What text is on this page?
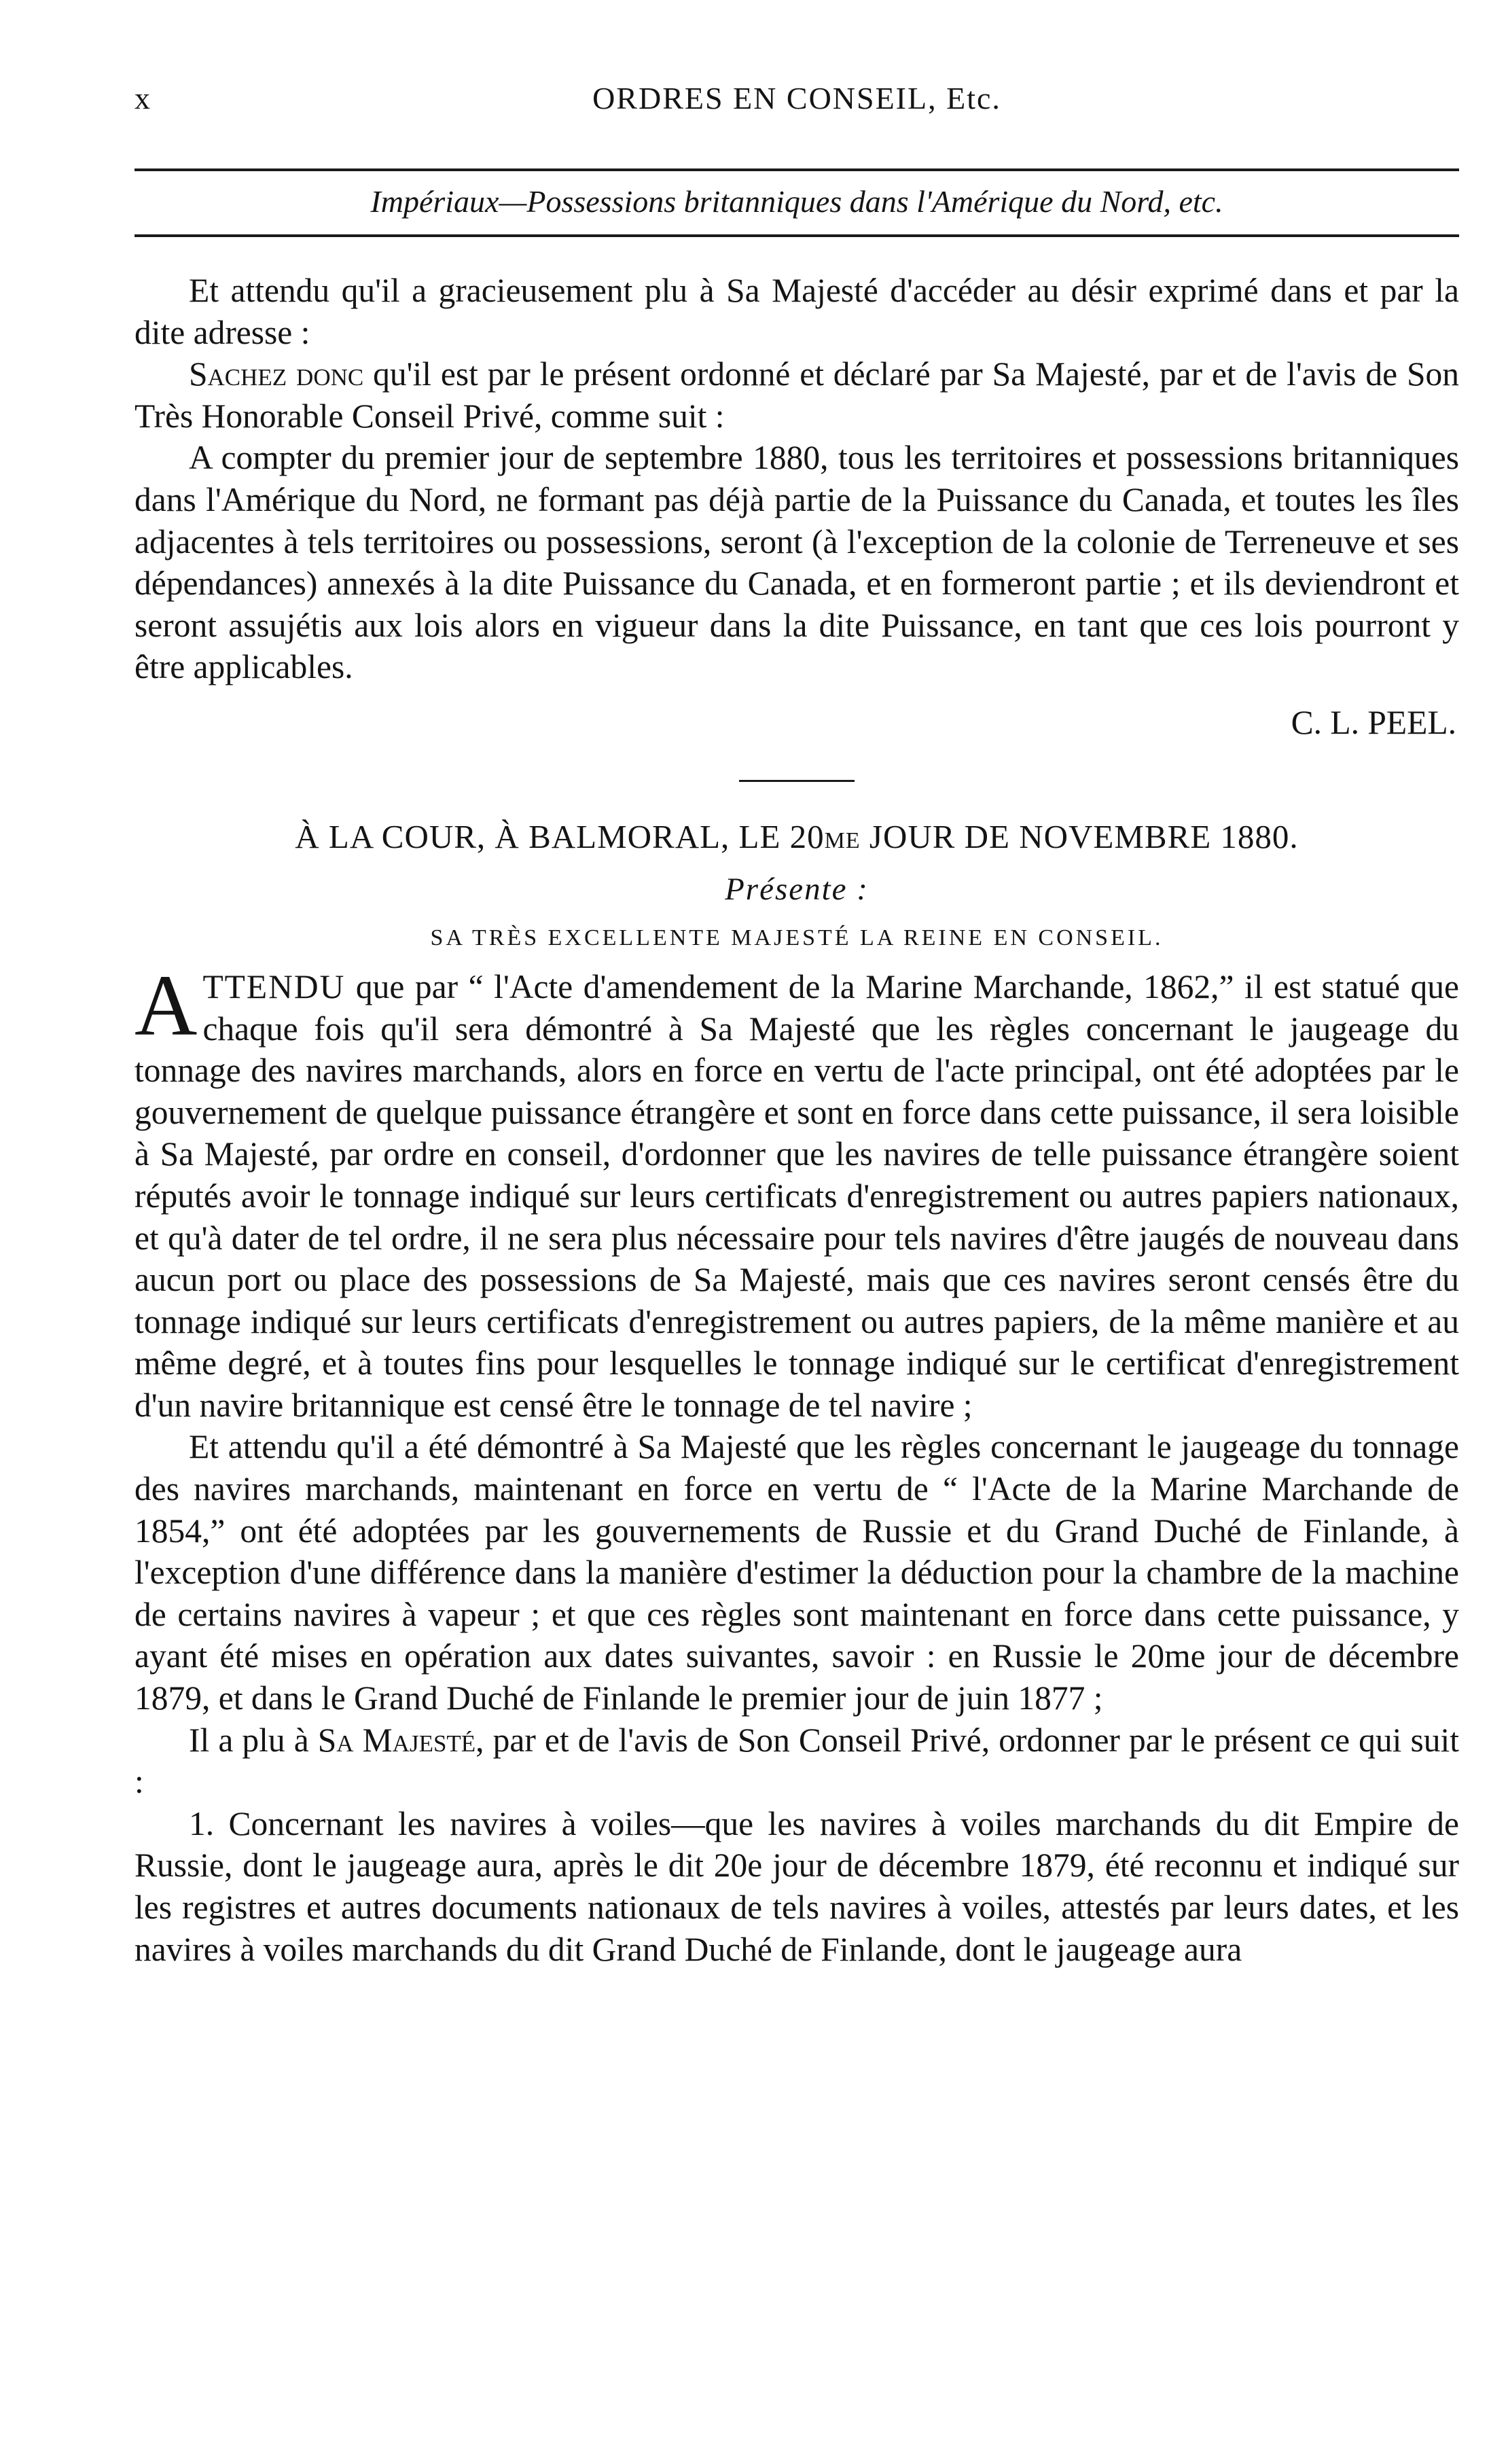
x	ORDRES EN CONSEIL, Etc.
Impériaux—Possessions britanniques dans l'Amérique du Nord, etc.

Et attendu qu'il a gracieusement plu à Sa Majesté d'accéder au désir exprimé dans et par la dite adresse :

Sachez donc qu'il est par le présent ordonné et déclaré par Sa Majesté, par et de l'avis de Son Très Honorable Conseil Privé, comme suit :

A compter du premier jour de septembre 1880, tous les territoires et possessions britanniques dans l'Amérique du Nord, ne formant pas déjà partie de la Puissance du Canada, et toutes les îles adjacentes à tels territoires ou possessions, seront (à l'exception de la colonie de Terreneuve et ses dépendances) annexés à la dite Puissance du Canada, et en formeront partie ; et ils deviendront et seront assujétis aux lois alors en vigueur dans la dite Puissance, en tant que ces lois pourront y être applicables.

C. L. PEEL.
À LA COUR, À BALMORAL, LE 20ME JOUR DE NOVEMBRE 1880.
Présente :
SA TRÈS EXCELLENTE MAJESTÉ LA REINE EN CONSEIL.

ATTENDU que par “ l'Acte d'amendement de la Marine Marchande, 1862,” il est statué que chaque fois qu'il sera démontré à Sa Majesté que les règles concernant le jaugeage du tonnage des navires marchands, alors en force en vertu de l'acte principal, ont été adoptées par le gouvernement de quelque puissance étrangère et sont en force dans cette puissance, il sera loisible à Sa Majesté, par ordre en conseil, d'ordonner que les navires de telle puissance étrangère soient réputés avoir le tonnage indiqué sur leurs certificats d'enregistrement ou autres papiers nationaux, et qu'à dater de tel ordre, il ne sera plus nécessaire pour tels navires d'être jaugés de nouveau dans aucun port ou place des possessions de Sa Majesté, mais que ces navires seront censés être du tonnage indiqué sur leurs certificats d'enregistrement ou autres papiers, de la même manière et au même degré, et à toutes fins pour lesquelles le tonnage indiqué sur le certificat d'enregistrement d'un navire britannique est censé être le tonnage de tel navire ;

Et attendu qu'il a été démontré à Sa Majesté que les règles concernant le jaugeage du tonnage des navires marchands, maintenant en force en vertu de “ l'Acte de la Marine Marchande de 1854,” ont été adoptées par les gouvernements de Russie et du Grand Duché de Finlande, à l'exception d'une différence dans la manière d'estimer la déduction pour la chambre de la machine de certains navires à vapeur ; et que ces règles sont maintenant en force dans cette puissance, y ayant été mises en opération aux dates suivantes, savoir : en Russie le 20me jour de décembre 1879, et dans le Grand Duché de Finlande le premier jour de juin 1877 ;

Il a plu à Sa Majesté, par et de l'avis de Son Conseil Privé, ordonner par le présent ce qui suit :

1. Concernant les navires à voiles—que les navires à voiles marchands du dit Empire de Russie, dont le jaugeage aura, après le dit 20e jour de décembre 1879, été reconnu et indiqué sur les registres et autres documents nationaux de tels navires à voiles, attestés par leurs dates, et les navires à voiles marchands du dit Grand Duché de Finlande, dont le jaugeage aura
